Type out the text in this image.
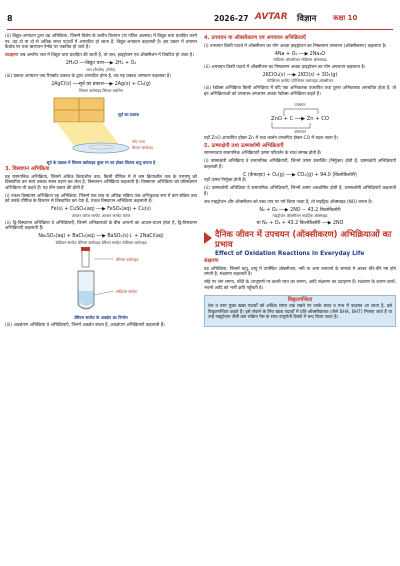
8	2026-27 AVTAR विज्ञान कक्षा 10

(ii) विद्युत-अपघटन द्वारा वह अभिक्रिया, जिसमें विलेय के जलीय विलयन (या गलित अवस्था) में विद्युत धारा प्रवाहित करने पर, वह दो या दो से अधिक सरल पदार्थों में अपघटित हो जाता है, विद्युत-अपघटन कहलाती है। इस प्रकार में धनायन कैथोड पर तथा ऋणायन ऐनोड पर एकत्रित हो जाते हैं।

उदाहरण जब अम्लीय जल में विद्युत धारा प्रवाहित की जाती है, तो जल, हाइड्रोजन एवं ऑक्सीजन में विघटित हो जाता है।

2H₂O ──विद्युत धारा──▶ 2H₂ + O₂
जल (कैथोड) (ऐनोड)

(iii) प्रकाश अपघटन जब रिएक्टेंट प्रकाश के द्वारा अपघटित होता है, तब यह प्रकाश अपघटन कहलाता है।

2AgCl(s) ──सूर्य का प्रकाश──▶ 2Ag(s) + Cl₂(g)
सिल्वर क्लोराइड सिल्वर क्लोरीन
सूर्य का प्रकाश
वॉच ग्लास
सिल्वर क्लोराइड
सूर्य के प्रकाश में सिल्वर क्लोराइड धूसर रंग का होकर सिल्वर धातु बनाता है
3. विस्थापन अभिक्रिया

वह रासायनिक अभिक्रिया, जिसमें अधिक क्रियाशील तत्व, किसी यौगिक में से कम क्रियाशील तत्व के परमाणु को विस्थापित कर स्वयं उसका स्थान ग्रहण कर लेता है, विस्थापन अभिक्रिया कहलाती है। विस्थापन अभिक्रिया को प्रतिस्थापन अभिक्रिया भी कहते हैं। यह तीन प्रकार की होती हैं

(i) एकल विस्थापन अभिक्रिया वह अभिक्रिया, जिसमें एक तत्व या अधिक सक्रिय तत्व अभिकृतक रूप में कम सक्रिय तत्व को उसके यौगिक के विलयन से विस्थापित कर देता है, एकल विस्थापन अभिक्रिया कहलाती है।

Fe(s) + CuSO₄(aq) ──▶ FeSO₄(aq) + Cu(s)
आयरन कॉपर सल्फेट आयरन सल्फेट कॉपर

(ii) द्वि-विस्थापन अभिक्रिया वे अभिक्रियाएँ, जिनमें अभिकारकों के बीच आयनों का आदान-प्रदान होता है, द्वि-विस्थापन अभिक्रियाएँ कहलाती हैं।

Na₂SO₄(aq) + BaCl₂(aq) ──▶ BaSO₄(s)↓ + 2NaCl(aq)
सोडियम सल्फेट बेरियम क्लोराइड बेरियम सल्फेट सोडियम क्लोराइड
बेरियम क्लोराइड
सोडियम सल्फेट
बेरियम सल्फेट के अवक्षेप का निर्माण

(iii) अवक्षेपण अभिक्रिया वे अभिक्रियाएँ, जिनमें अवक्षेप बनता है, अवक्षेपण अभिक्रियाएँ कहलाती हैं।

4. उपचयन या ऑक्सीकरण एवं अपचयन अभिक्रियाएँ

(i) उपचयन किसी पदार्थ में ऑक्सीजन का योग अथवा हाइड्रोजन का निष्कासन उपचयन (ऑक्सीकरण) कहलाता है।

4Na + O₂ ──▶ 2Na₂O
सोडियम ऑक्सीजन सोडियम ऑक्साइड

(ii) अपचयन किसी पदार्थ में ऑक्सीजन का निष्कासन अथवा हाइड्रोजन का योग अपचयन कहलाता है।

2KClO₃(s) ──▶ 2KCl(s) + 3O₂(g)
पोटैशियम क्लोरेट पोटैशियम क्लोराइड ऑक्सीजन

(iii) रेडॉक्स अभिक्रिया किसी अभिक्रिया में यदि एक अभिकारक उपचयित तथा दूसरा अभिकारक अपचयित होता है, तो इन अभिक्रियाओं को उपचयन-अपचयन अथवा रेडॉक्स अभिक्रिया कहते हैं।

उपचयन
ZnO + C ──▶ Zn + CO
अपचयन

यहाँ ZnO अपचयित होकर Zn में तथा कार्बन उपचयित होकर CO में बदल जाता है।

5. ऊष्माक्षेपी तथा ऊष्माशोषी अभिक्रियाएँ

सामान्यतया रासायनिक अभिक्रियाएँ ऊष्मा परिवर्तन के साथ सम्पन्न होती हैं।

(i) ऊष्माक्षेपी अभिक्रिया वे रासायनिक अभिक्रियाएँ, जिनमें ऊष्मा उत्सर्जित (निर्मुक्त) होती है, ऊष्माक्षेपी अभिक्रियाएँ कहलाती हैं।

C (कैफाइट) + O₂(g) ──▶ CO₂(g) + 94.0 (किलोकैलोरी)

यहाँ ऊष्मा निर्मुक्त होती है।

(ii) ऊष्माशोषी अभिक्रिया वे रासायनिक अभिक्रियाएँ, जिनमें ऊष्मा अवशोषित होती है, ऊष्माशोषी अभिक्रियाएँ कहलाती हैं।

जब नाइट्रोजन और ऑक्सीजन को उच्च ताप पर गर्म किया जाता है, तो नाइट्रिक ऑक्साइड (NO) बनता है।

N₂ + O₂ ──▶ 2NO − 43.2 किलोकैलोरी
नाइट्रोजन ऑक्सीजन नाइट्रिक ऑक्साइड
या N₂ + O₂ + 43.2 किलोकैलोरी ──▶ 2NO
दैनिक जीवन में उपचयन (ऑक्सीकरण) अभिक्रियाओं का प्रभाव
Effect of Oxidation Reactions in Everyday Life
संक्षारण

वह अभिक्रिया, जिसमें धातु, वायु में उपस्थित ऑक्सीजन, नमी या अन्य रसायनों के सम्पर्क में आकर धीरे-धीरे नष्ट होने लगती है, संक्षारण कहलाती है।

लोहे पर जंग लगना, चाँदी के आभूषणों पर काली परत का जमना, आदि संक्षारण का उदाहरण हैं। संक्षारण के कारण कारों, भवनों आदि को भारी क्षति पहुँचती है।

विकृतगन्धिता

तेल व वसा युक्त खाद्य पदार्थों को अधिक समय तक रखने पर उनके स्वाद व गन्ध में बदलाव आ जाता है, इसे विकृतगन्धिता कहते हैं। इसे रोकने के लिए खाद्य पदार्थों में प्रति-ऑक्सीकारक (जैसे BHA, BHT) मिलाए जाते हैं या उन्हें नाइट्रोजन जैसी कम सक्रिय गैस के साथ वायुरोधी डिब्बों में बन्द किया जाता है।
